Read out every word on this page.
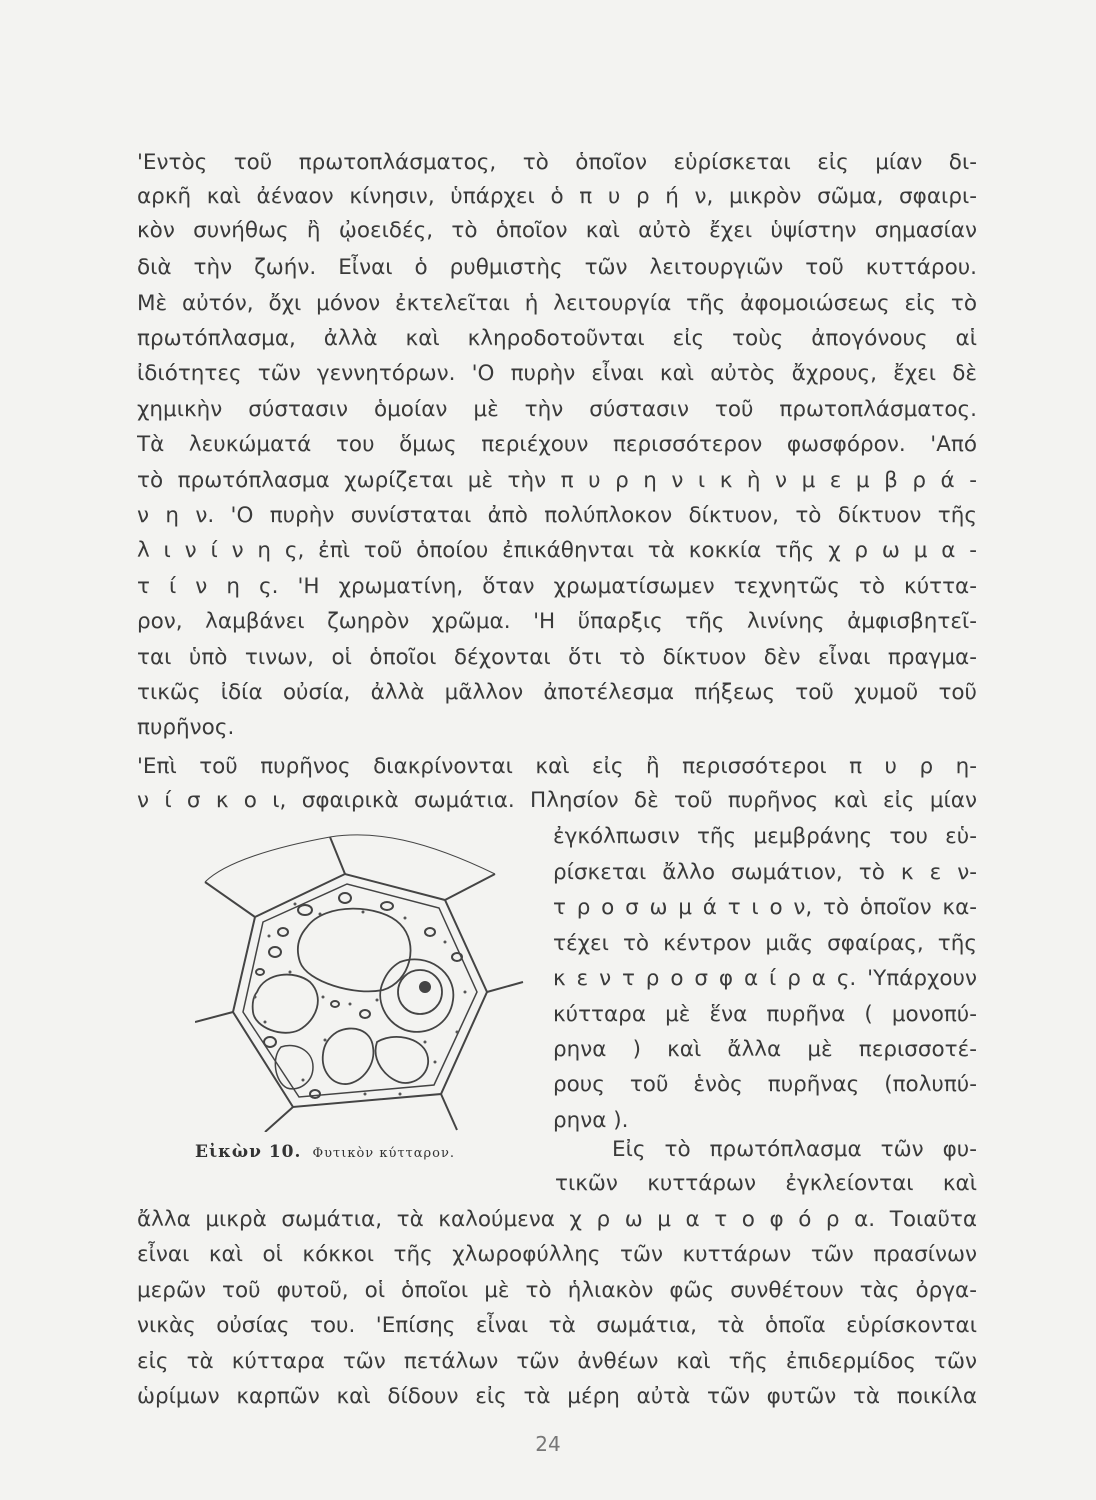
'Εντὸς τοῦ πρωτοπλάσματος, τὸ ὁποῖον εὑρίσκεται εἰς μίαν δι-
αρκῆ καὶ ἀέναον κίνησιν, ὑπάρχει ὁ π υ ρ ή ν, μικρὸν σῶμα, σφαιρι-
κὸν συνήθως ἢ ᾠοειδές, τὸ ὁποῖον καὶ αὐτὸ ἔχει ὑψίστην σημασίαν
διὰ τὴν ζωήν. Εἶναι ὁ ρυθμιστὴς τῶν λειτουργιῶν τοῦ κυττάρου.
Μὲ αὐτόν, ὄχι μόνον ἐκτελεῖται ἡ λειτουργία τῆς ἀφομοιώσεως εἰς τὸ
πρωτόπλασμα, ἀλλὰ καὶ κληροδοτοῦνται εἰς τοὺς ἀπογόνους αἱ
ἰδιότητες τῶν γεννητόρων. 'Ο πυρὴν εἶναι καὶ αὐτὸς ἄχρους, ἔχει δὲ
χημικὴν σύστασιν ὁμοίαν μὲ τὴν σύστασιν τοῦ πρωτοπλάσματος.
Τὰ λευκώματά του ὅμως περιέχουν περισσότερον φωσφόρον. 'Από
τὸ πρωτόπλασμα χωρίζεται μὲ τὴν π υ ρ η ν ι κ ὴ ν μ ε μ β ρ ά -
ν η ν. 'Ο πυρὴν συνίσταται ἀπὸ πολύπλοκον δίκτυον, τὸ δίκτυον τῆς
λ ι ν ί ν η ς, ἐπὶ τοῦ ὁποίου ἐπικάθηνται τὰ κοκκία τῆς χ ρ ω μ α -
τ ί ν η ς. 'Η χρωματίνη, ὅταν χρωματίσωμεν τεχνητῶς τὸ κύττα-
ρον, λαμβάνει ζωηρὸν χρῶμα. 'Η ὕπαρξις τῆς λινίνης ἀμφισβητεῖ-
ται ὑπὸ τινων, οἱ ὁποῖοι δέχονται ὅτι τὸ δίκτυον δὲν εἶναι πραγμα-
τικῶς ἰδία οὐσία, ἀλλὰ μᾶλλον ἀποτέλεσμα πήξεως τοῦ χυμοῦ τοῦ
πυρῆνος.
'Επὶ τοῦ πυρῆνος διακρίνονται καὶ εἰς ἢ περισσότεροι π υ ρ η-
ν ί σ κ ο ι, σφαιρικὰ σωμάτια. Πλησίον δὲ τοῦ πυρῆνος καὶ εἰς μίαν
ἐγκόλπωσιν τῆς μεμβράνης του εὑ-
ρίσκεται ἄλλο σωμάτιον, τὸ κ ε ν-
τ ρ ο σ ω μ ά τ ι ο ν, τὸ ὁποῖον κα-
τέχει τὸ κέντρον μιᾶς σφαίρας, τῆς
κ ε ν τ ρ ο σ φ α ί ρ α ς. 'Υπάρχουν
κύτταρα μὲ ἕνα πυρῆνα ( μονοπύ-
ρηνα ) καὶ ἄλλα μὲ περισσοτέ-
ρους τοῦ ἑνὸς πυρῆνας (πολυπύ-
ρηνα ).
Εἰς τὸ πρωτόπλασμα τῶν φυ-
τικῶν κυττάρων ἐγκλείονται καὶ
ἄλλα μικρὰ σωμάτια, τὰ καλούμενα χ ρ ω μ α τ ο φ ό ρ α. Τοιαῦτα
εἶναι καὶ οἱ κόκκοι τῆς χλωροφύλλης τῶν κυττάρων τῶν πρασίνων
μερῶν τοῦ φυτοῦ, οἱ ὁποῖοι μὲ τὸ ἡλιακὸν φῶς συνθέτουν τὰς ὀργα-
νικὰς οὐσίας του. 'Επίσης εἶναι τὰ σωμάτια, τὰ ὁποῖα εὑρίσκονται
εἰς τὰ κύτταρα τῶν πετάλων τῶν ἀνθέων καὶ τῆς ἐπιδερμίδος τῶν
ὡρίμων καρπῶν καὶ δίδουν εἰς τὰ μέρη αὐτὰ τῶν φυτῶν τὰ ποικίλα
Εἰκὼν 10. Φυτικὸν κύτταρον.
24
